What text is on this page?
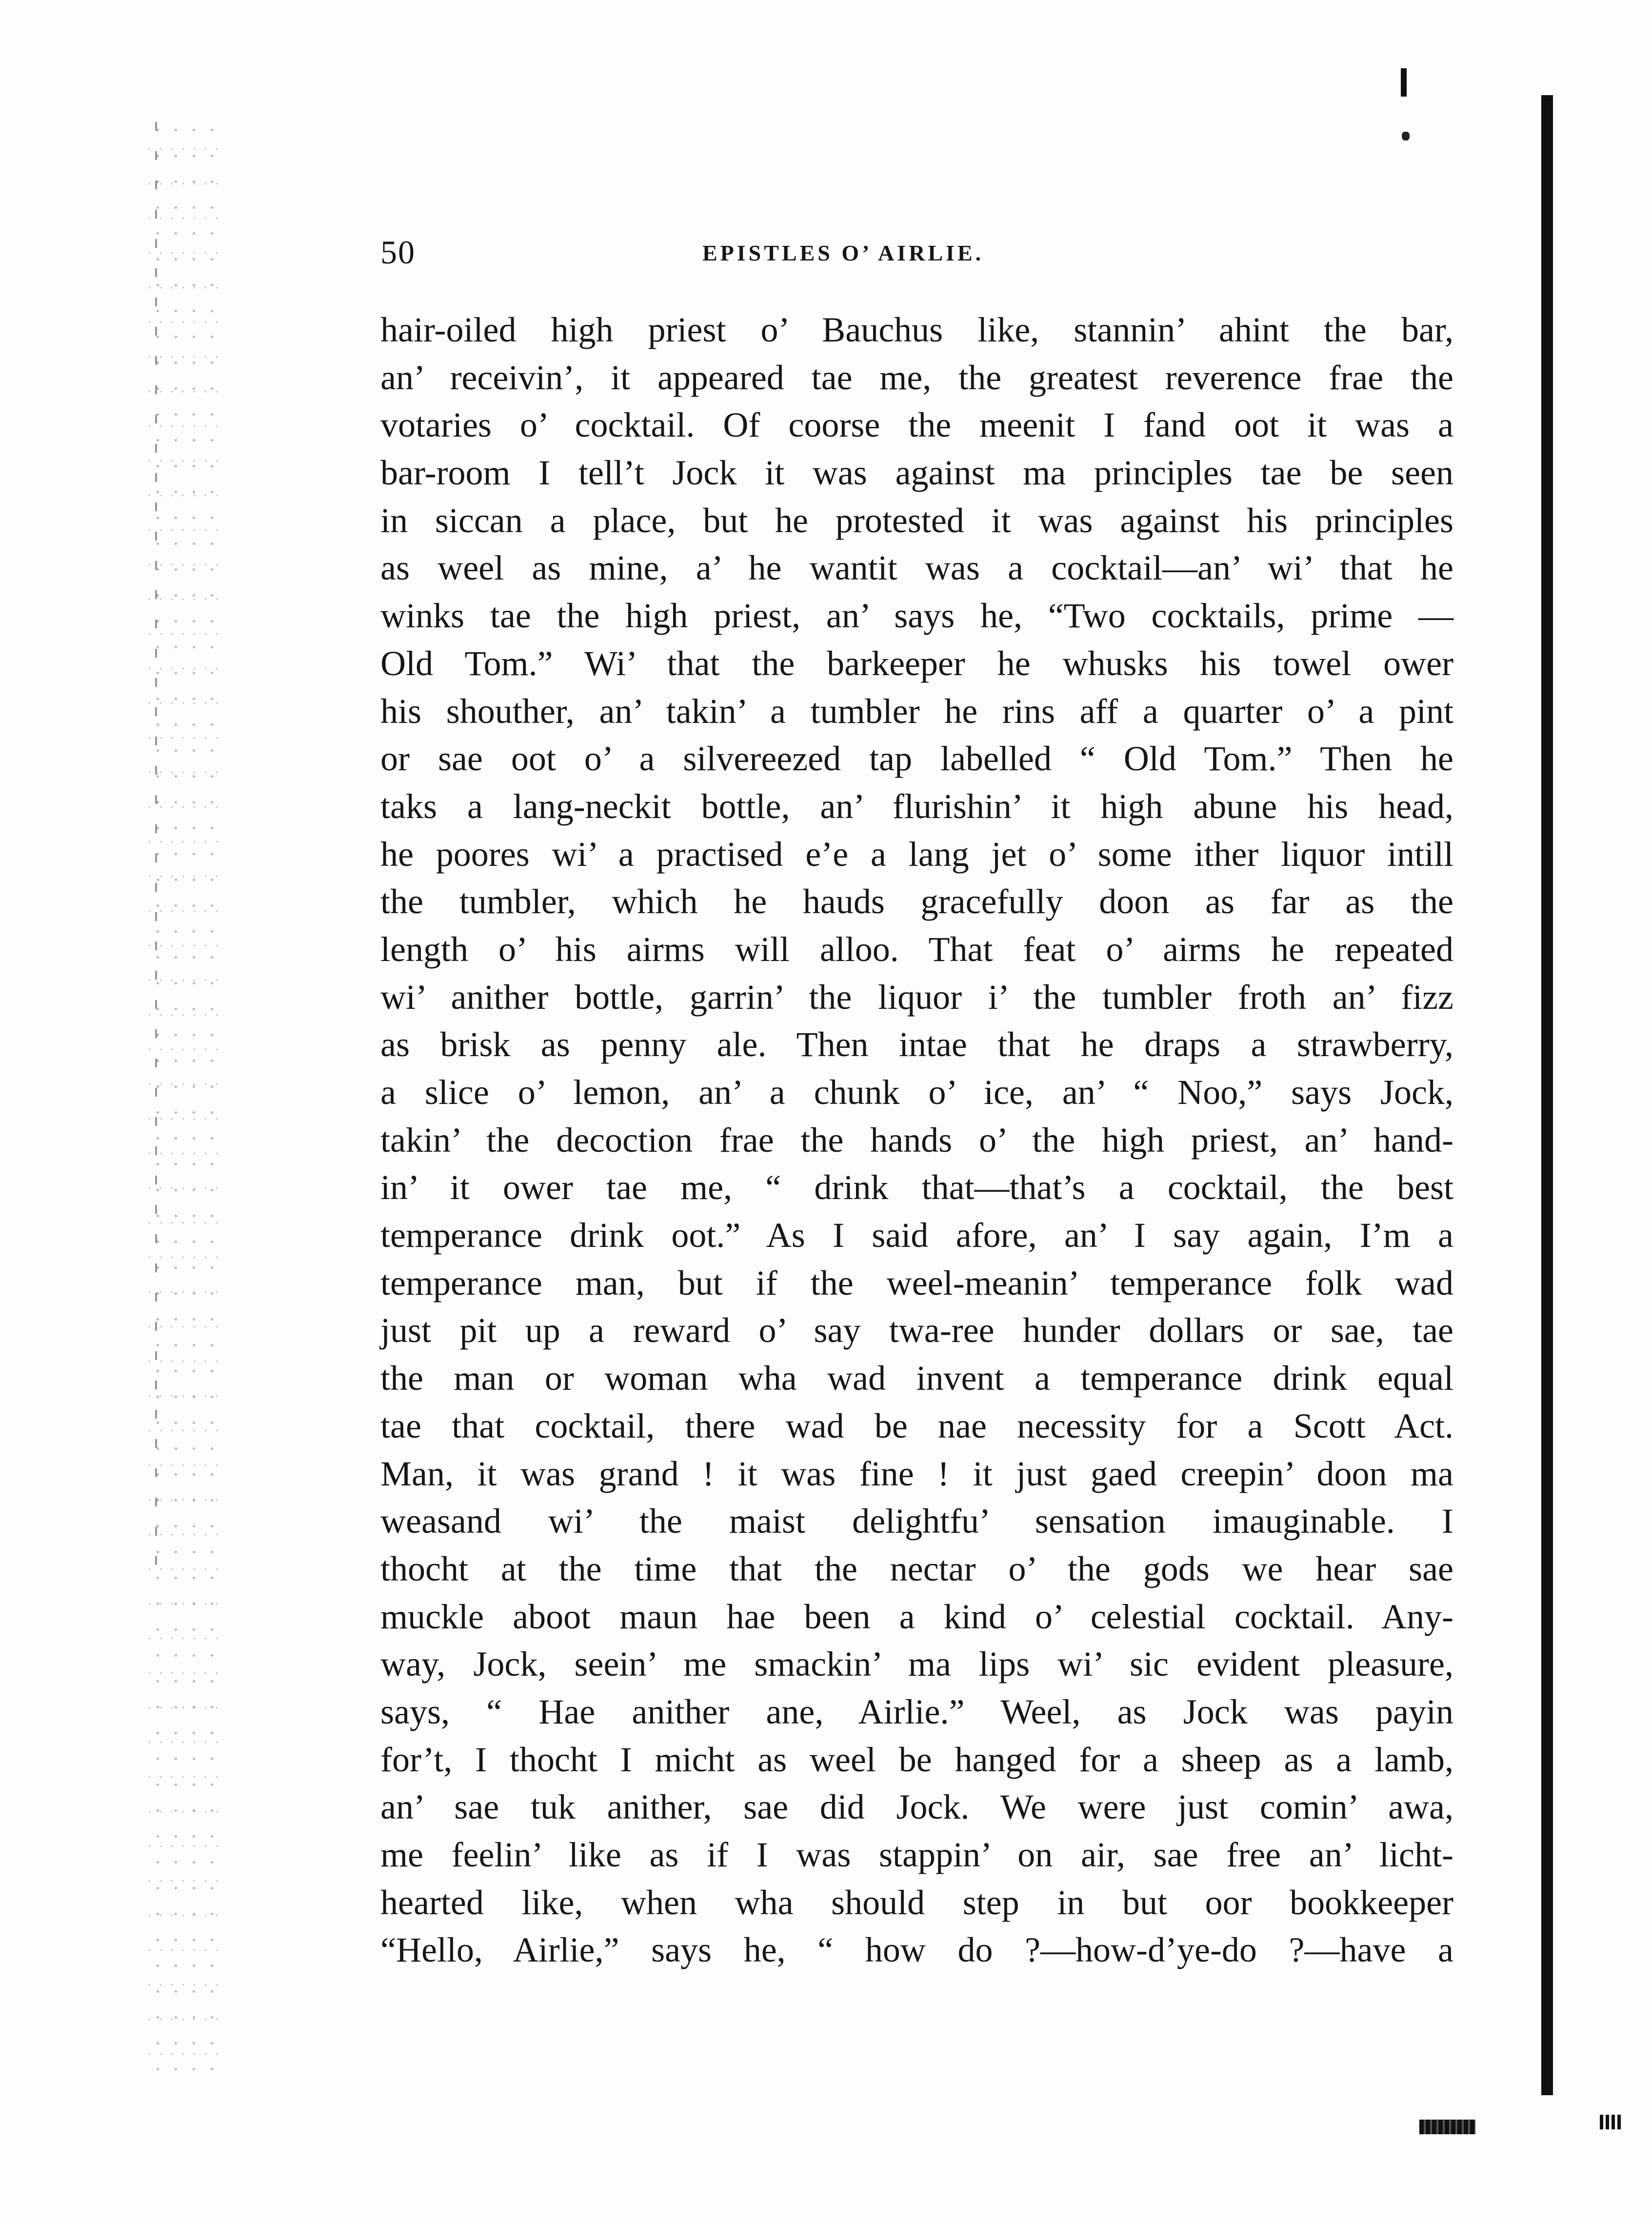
50	EPISTLES O’ AIRLIE.
hair-oiled high priest o’ Bauchus like, stannin’ ahint the bar,
an’ receivin’, it appeared tae me, the greatest reverence frae the
votaries o’ cocktail. Of coorse the meenit I fand oot it was a
bar-room I tell’t Jock it was against ma principles tae be seen
in siccan a place, but he protested it was against his principles
as weel as mine, a’ he wantit was a cocktail—an’ wi’ that he
winks tae the high priest, an’ says he, “Two cocktails, prime —
Old Tom.” Wi’ that the barkeeper he whusks his towel ower
his shouther, an’ takin’ a tumbler he rins aff a quarter o’ a pint
or sae oot o’ a silvereezed tap labelled “ Old Tom.” Then he
taks a lang-neckit bottle, an’ flurishin’ it high abune his head,
he poores wi’ a practised e’e a lang jet o’ some ither liquor intill
the tumbler, which he hauds gracefully doon as far as the
length o’ his airms will alloo. That feat o’ airms he repeated
wi’ anither bottle, garrin’ the liquor i’ the tumbler froth an’ fizz
as brisk as penny ale. Then intae that he draps a strawberry,
a slice o’ lemon, an’ a chunk o’ ice, an’ “ Noo,” says Jock,
takin’ the decoction frae the hands o’ the high priest, an’ hand-
in’ it ower tae me, “ drink that—that’s a cocktail, the best
temperance drink oot.” As I said afore, an’ I say again, I’m a
temperance man, but if the weel-meanin’ temperance folk wad
just pit up a reward o’ say twa-ree hunder dollars or sae, tae
the man or woman wha wad invent a temperance drink equal
tae that cocktail, there wad be nae necessity for a Scott Act.
Man, it was grand ! it was fine ! it just gaed creepin’ doon ma
weasand wi’ the maist delightfu’ sensation imauginable. I
thocht at the time that the nectar o’ the gods we hear sae
muckle aboot maun hae been a kind o’ celestial cocktail. Any-
way, Jock, seein’ me smackin’ ma lips wi’ sic evident pleasure,
says, “ Hae anither ane, Airlie.” Weel, as Jock was payin
for’t, I thocht I micht as weel be hanged for a sheep as a lamb,
an’ sae tuk anither, sae did Jock. We were just comin’ awa,
me feelin’ like as if I was stappin’ on air, sae free an’ licht-
hearted like, when wha should step in but oor bookkeeper
“Hello, Airlie,” says he, “ how do ?—how-d’ye-do ?—have a
